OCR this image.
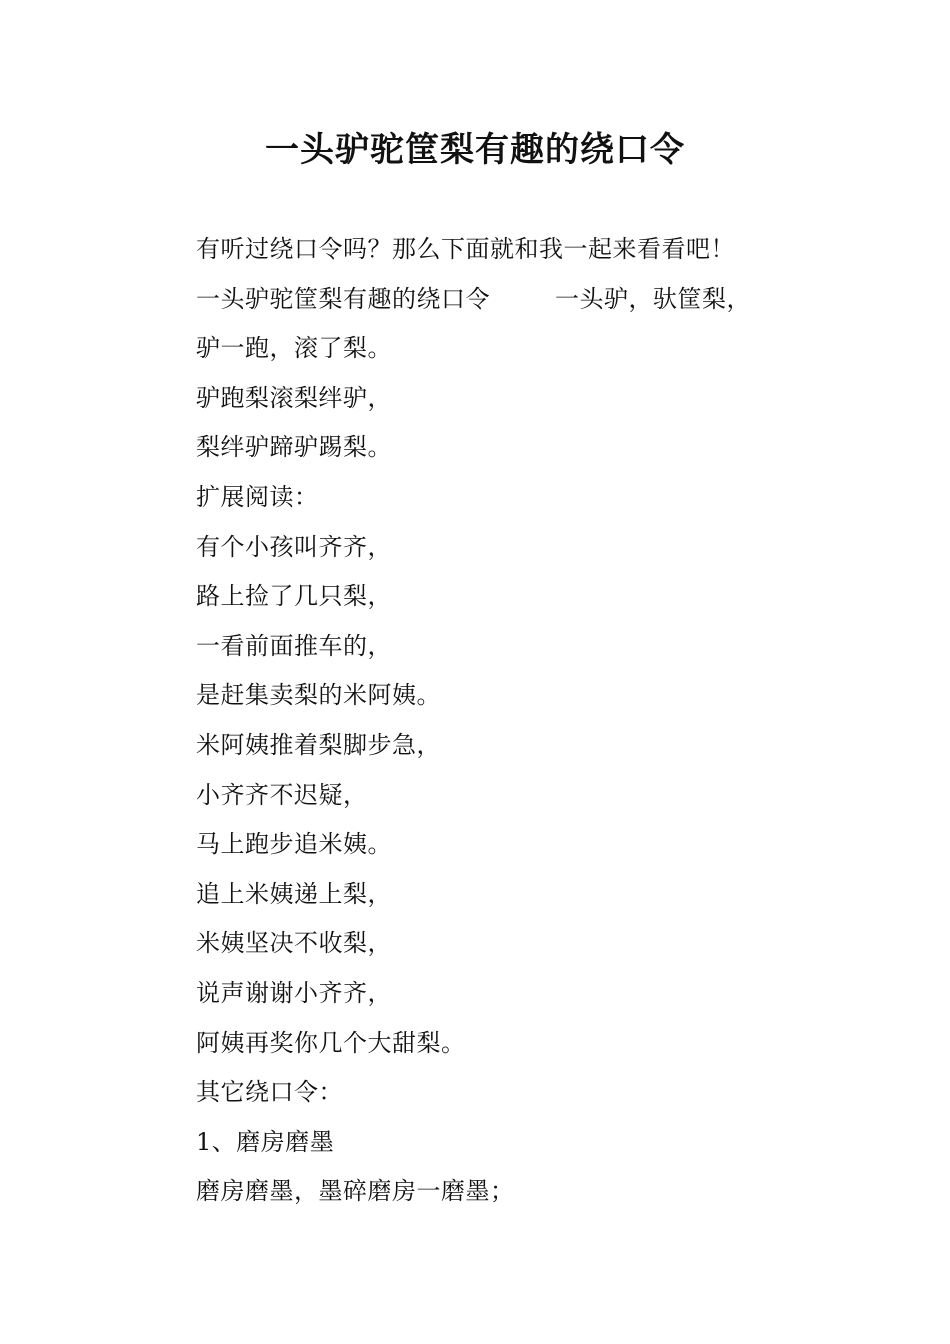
一头驴驼筐梨有趣的绕口令
有听过绕口令吗？那么下面就和我一起来看看吧！
一头驴驼筐梨有趣的绕口令        一头驴，驮筐梨，
驴一跑，滚了梨。
驴跑梨滚梨绊驴，
梨绊驴蹄驴踢梨。
扩展阅读：
有个小孩叫齐齐，
路上捡了几只梨，
一看前面推车的，
是赶集卖梨的米阿姨。
米阿姨推着梨脚步急，
小齐齐不迟疑，
马上跑步追米姨。
追上米姨递上梨，
米姨坚决不收梨，
说声谢谢小齐齐，
阿姨再奖你几个大甜梨。
其它绕口令：
1、磨房磨墨
磨房磨墨，墨碎磨房一磨墨；
